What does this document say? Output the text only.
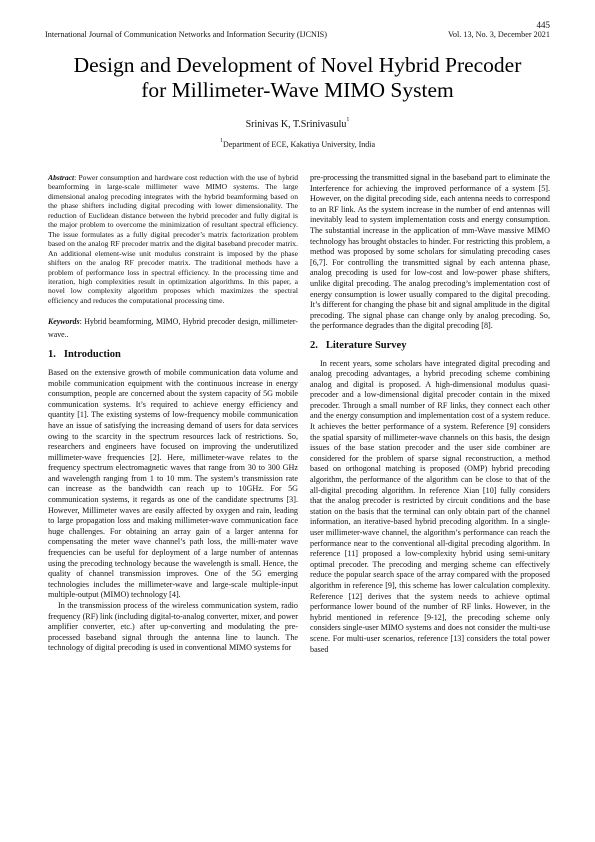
445
International Journal of Communication Networks and Information Security (IJCNIS)	Vol. 13, No. 3, December 2021
Design and Development of Novel Hybrid Precoder
for Millimeter-Wave MIMO System
Srinivas K, T.Srinivasulu$^1$
$^1$Department of ECE, Kakatiya University, India

Abstract: Power consumption and hardware cost reduction with the use of hybrid beamforming in large-scale millimeter wave MIMO systems. The large dimensional analog precoding integrates with the hybrid beamforming based on the phase shifters including digital precoding with lower dimensionality. The reduction of Euclidean distance between the hybrid precoder and fully digital is the major problem to overcome the minimization of resultant spectral efficiency. The issue formulates as a fully digital precoder’s matrix factorization problem based on the analog RF precoder matrix and the digital baseband precoder matrix. An additional element-wise unit modulus constraint is imposed by the phase shifters on the analog RF precoder matrix. The traditional methods have a problem of performance loss in spectral efficiency. In the processing time and iteration, high complexities result in optimization algorithms. In this paper, a novel low complexity algorithm proposes which maximizes the spectral efficiency and reduces the computational processing time.

Keywords: Hybrid beamforming, MIMO, Hybrid precoder design, millimeter-wave..

1. Introduction

Based on the extensive growth of mobile communication data volume and mobile communication equipment with the continuous increase in energy consumption, people are concerned about the system capacity of 5G mobile communication systems. It’s required to achieve energy efficiency and quantity [1]. The existing systems of low-frequency mobile communication have an issue of satisfying the increasing demand of users for data services owing to the scarcity in the spectrum resources lack of restrictions. So, researchers and engineers have focused on improving the underutilized millimeter-wave frequencies [2]. Here, millimeter-wave relates to the frequency spectrum electromagnetic waves that range from 30 to 300 GHz and wavelength ranging from 1 to 10 mm. The system’s transmission rate can increase as the bandwidth can reach up to 10GHz. For 5G communication systems, it regards as one of the candidate spectrums [3]. However, Millimeter waves are easily affected by oxygen and rain, leading to large propagation loss and making millimeter-wave communication face huge challenges. For obtaining an array gain of a larger antenna for compensating the meter wave channel’s path loss, the milli-mater wave frequencies can be useful for deployment of a large number of antennas using the precoding technology because the wavelength is small. Hence, the quality of channel transmission improves. One of the 5G emerging technologies includes the millimeter-wave and large-scale multiple-input multiple-output (MIMO) technology [4].

In the transmission process of the wireless communication system, radio frequency (RF) link (including digital-to-analog converter, mixer, and power amplifier converter, etc.) after up-converting and modulating the pre-processed baseband signal through the antenna line to launch. The technology of digital precoding is used in conventional MIMO systems for

pre-processing the transmitted signal in the baseband part to eliminate the Interference for achieving the improved performance of a system [5]. However, on the digital precoding side, each antenna needs to correspond to an RF link. As the system increase in the number of end antennas will inevitably lead to system implementation costs and energy consumption. The substantial increase in the application of mm-Wave massive MIMO technology has brought obstacles to hinder. For restricting this problem, a method was proposed by some scholars for simulating precoding cases [6,7]. For controlling the transmitted signal by each antenna phase, analog precoding is used for low-cost and low-power phase shifters, unlike digital precoding. The analog precoding’s implementation cost of energy consumption is lower usually compared to the digital precoding. It’s different for changing the phase bit and signal amplitude in the digital precoding. The signal phase can change only by analog precoding. So, the performance degrades than the digital precoding [8].

2. Literature Survey

In recent years, some scholars have integrated digital precoding and analog precoding advantages, a hybrid precoding scheme combining analog and digital is proposed. A high-dimensional modulus quasi-precoder and a low-dimensional digital precoder contain in the mixed precoder. Through a small number of RF links, they connect each other and the energy consumption and implementation cost of a system reduce. It achieves the better performance of a system. Reference [9] considers the spatial sparsity of millimeter-wave channels on this basis, the design issues of the base station precoder and the user side combiner are considered for the problem of sparse signal reconstruction, a method based on orthogonal matching is proposed (OMP) hybrid precoding algorithm, the performance of the algorithm can be close to that of the all-digital precoding algorithm. In reference Xian [10] fully considers that the analog precoder is restricted by circuit conditions and the base station on the basis that the terminal can only obtain part of the channel information, an iterative-based hybrid precoding algorithm. In a single-user millimeter-wave channel, the algorithm’s performance can reach the performance near to the conventional all-digital precoding algorithm. In reference [11] proposed a low-complexity hybrid using semi-unitary optimal precoder. The precoding and merging scheme can effectively reduce the popular search space of the array compared with the proposed algorithm in reference [9], this scheme has lower calculation complexity. Reference [12] derives that the system needs to achieve optimal performance lower bound of the number of RF links. However, in the hybrid mentioned in reference [9-12], the precoding scheme only considers single-user MIMO systems and does not consider the multi-use scene. For multi-user scenarios, reference [13] considers the total power based
